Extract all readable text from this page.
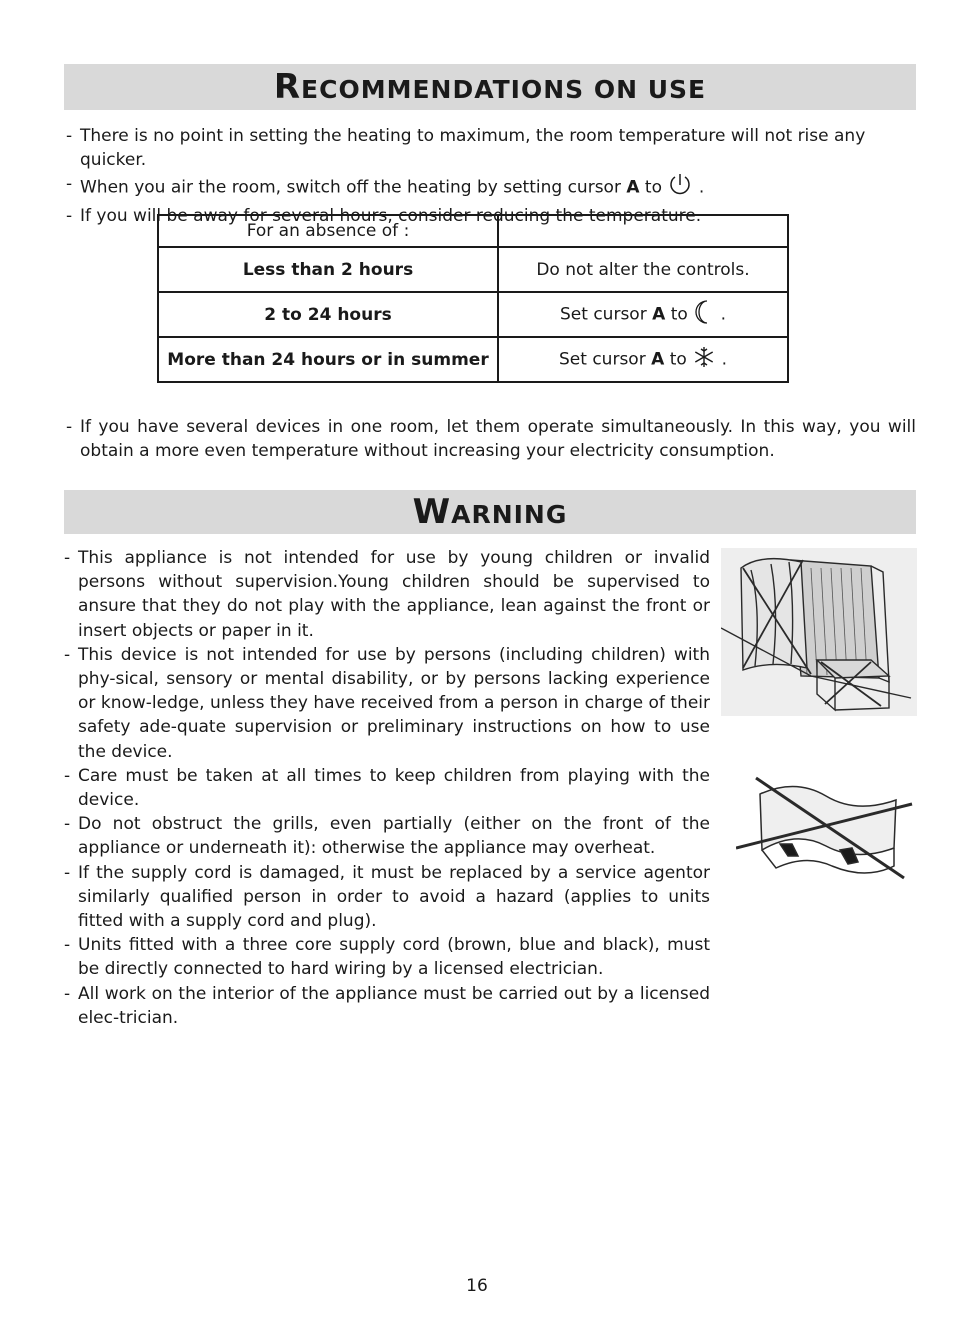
RECOMMENDATIONS ON USE
- There is no point in setting the heating to maximum, the room temperature will not rise any quicker.
- When you air the room, switch off the heating by setting cursor A to .
- If you will be away for several hours, consider reducing the temperature.
For an absence of :	
Less than 2 hours	Do not alter the controls.
2 to 24 hours	Set cursor A to .
More than 24 hours or in summer	Set cursor A to .
- If you have several devices in one room, let them operate simultaneously. In this way, you will obtain a more even temperature without increasing your electricity consumption.
WARNING
- This appliance is not intended for use by young children or invalid persons without supervision.Young children should be supervised to ansure that they do not play with the appliance, lean against the front or insert objects or paper in it.
- This device is not intended for use by persons (including children) with phy-sical, sensory or mental disability, or by persons lacking experience or know-ledge, unless they have received from a person in charge of their safety ade-quate supervision or preliminary instructions on how to use the device.
- Care must be taken at all times to keep children from playing with the device.
- Do not obstruct the grills, even partially (either on the front of the appliance or underneath it): otherwise the appliance may overheat.
- If the supply cord is damaged, it must be replaced by a service agentor similarly qualified person in order to avoid a hazard (applies to units fitted with a supply cord and plug).
- Units fitted with a three core supply cord (brown, blue and black), must be directly connected to hard wiring by a licensed electrician.
- All work on the interior of the appliance must be carried out by a licensed elec-trician.
16
